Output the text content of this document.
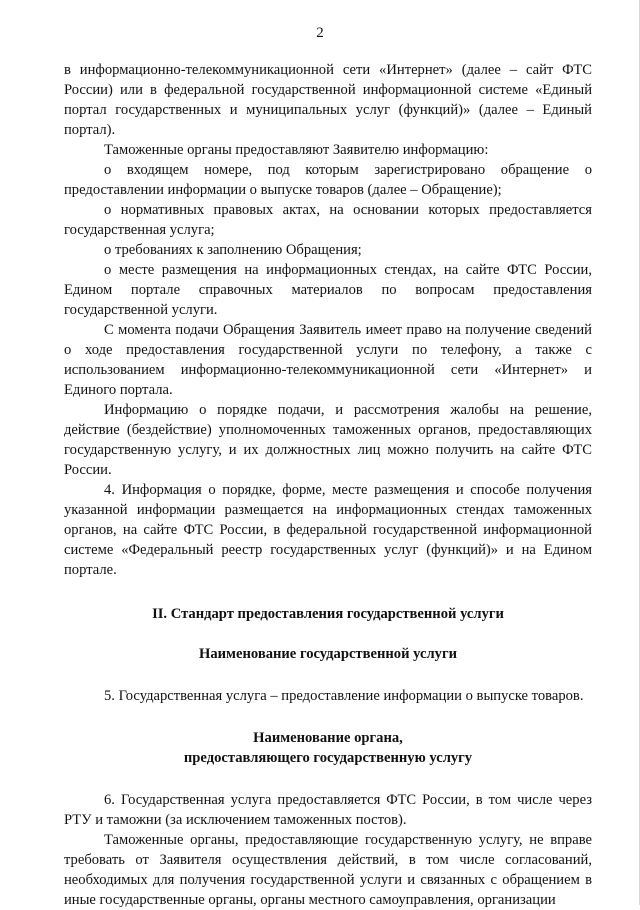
2

в информационно-телекоммуникационной сети «Интернет» (далее – сайт ФТС России) или в федеральной государственной информационной системе «Единый портал государственных и муниципальных услуг (функций)» (далее – Единый портал).

Таможенные органы предоставляют Заявителю информацию:

о входящем номере, под которым зарегистрировано обращение о предоставлении информации о выпуске товаров (далее – Обращение);

о нормативных правовых актах, на основании которых предоставляется государственная услуга;

о требованиях к заполнению Обращения;

о месте размещения на информационных стендах, на сайте ФТС России, Едином портале справочных материалов по вопросам предоставления государственной услуги.

С момента подачи Обращения Заявитель имеет право на получение сведений о ходе предоставления государственной услуги по телефону, а также с использованием информационно-телекоммуникационной сети «Интернет» и Единого портала.

Информацию о порядке подачи, и рассмотрения жалобы на решение, действие (бездействие) уполномоченных таможенных органов, предоставляющих государственную услугу, и их должностных лиц можно получить на сайте ФТС России.

4. Информация о порядке, форме, месте размещения и способе получения указанной информации размещается на информационных стендах таможенных органов, на сайте ФТС России, в федеральной государственной информационной системе «Федеральный реестр государственных услуг (функций)» и на Едином портале.

II. Стандарт предоставления государственной услуги
Наименование государственной услуги

5. Государственная услуга – предоставление информации о выпуске товаров.

Наименование органа,
предоставляющего государственную услугу

6. Государственная услуга предоставляется ФТС России, в том числе через РТУ и таможни (за исключением таможенных постов).

Таможенные органы, предоставляющие государственную услугу, не вправе требовать от Заявителя осуществления действий, в том числе согласований, необходимых для получения государственной услуги и связанных с обращением в иные государственные органы, органы местного самоуправления, организации
